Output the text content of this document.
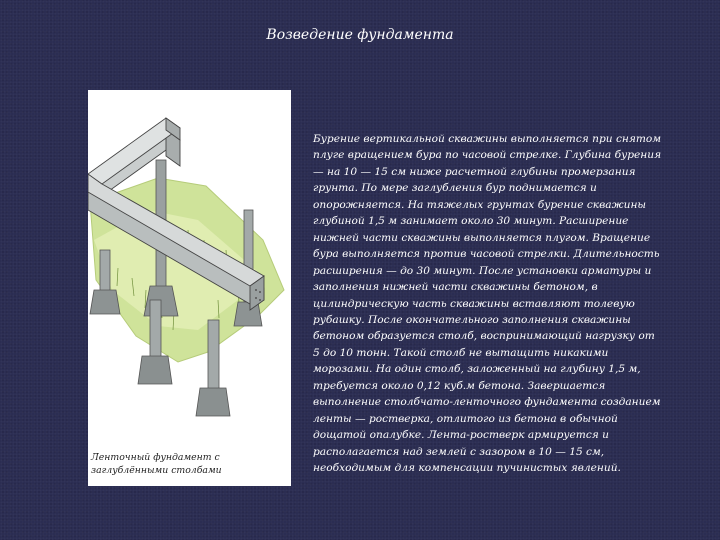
Возведение фундамента
Ленточный фундамент с заглублёнными столбами
Бурение вертикальной скважины выполняется при снятом плуге вращением бура по часовой стрелке. Глубина бурения — на 10 — 15 см ниже расчетной глубины промерзания грунта. По мере заглубления бур поднимается и опорожняется. На тяжелых грунтах бурение скважины глубиной 1,5 м занимает около 30 минут. Расширение нижней части скважины выполняется плугом. Вращение бура выполняется против часовой стрелки. Длительность расширения — до 30 минут. После установки арматуры и заполнения нижней части скважины бетоном, в цилиндрическую часть скважины вставляют толевую рубашку. После окончательного заполнения скважины бетоном образуется столб, воспринимающий нагрузку от 5 до 10 тонн. Такой столб не вытащить никакими морозами. На один столб, заложенный на глубину 1,5 м, требуется около 0,12 куб.м бетона. Завершается выполнение столбчато-ленточного фундамента созданием ленты — ростверка, отлитого из бетона в обычной дощатой опалубке. Лента-ростверк армируется и располагается над землей с зазором в 10 — 15 см, необходимым для компенсации пучинистых явлений.
